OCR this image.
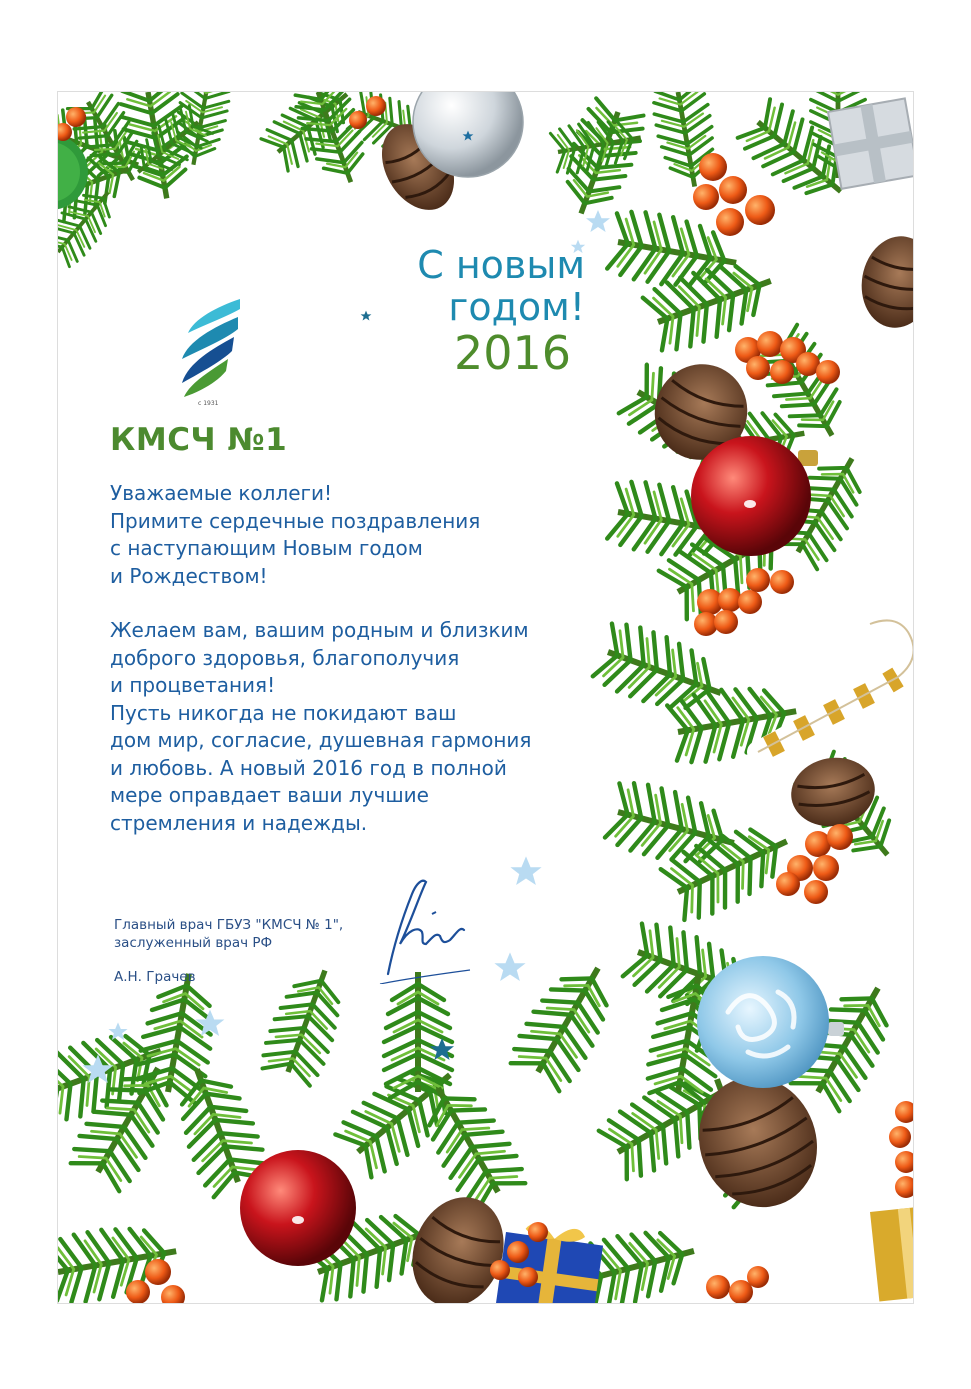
с 1931
С новым
годом!
2016
КМСЧ №1
Уважаемые коллеги!
Примите сердечные поздравления
с наступающим Новым годом
и Рождеством!
Желаем вам, вашим родным и близким
доброго здоровья, благополучия
и процветания!
Пусть никогда не покидают ваш
дом мир, согласие, душевная гармония
и любовь. А новый 2016 год в полной
мере оправдает ваши лучшие
стремления и надежды.
Главный врач ГБУЗ "КМСЧ № 1",
заслуженный врач РФ
А.Н. Грачев
